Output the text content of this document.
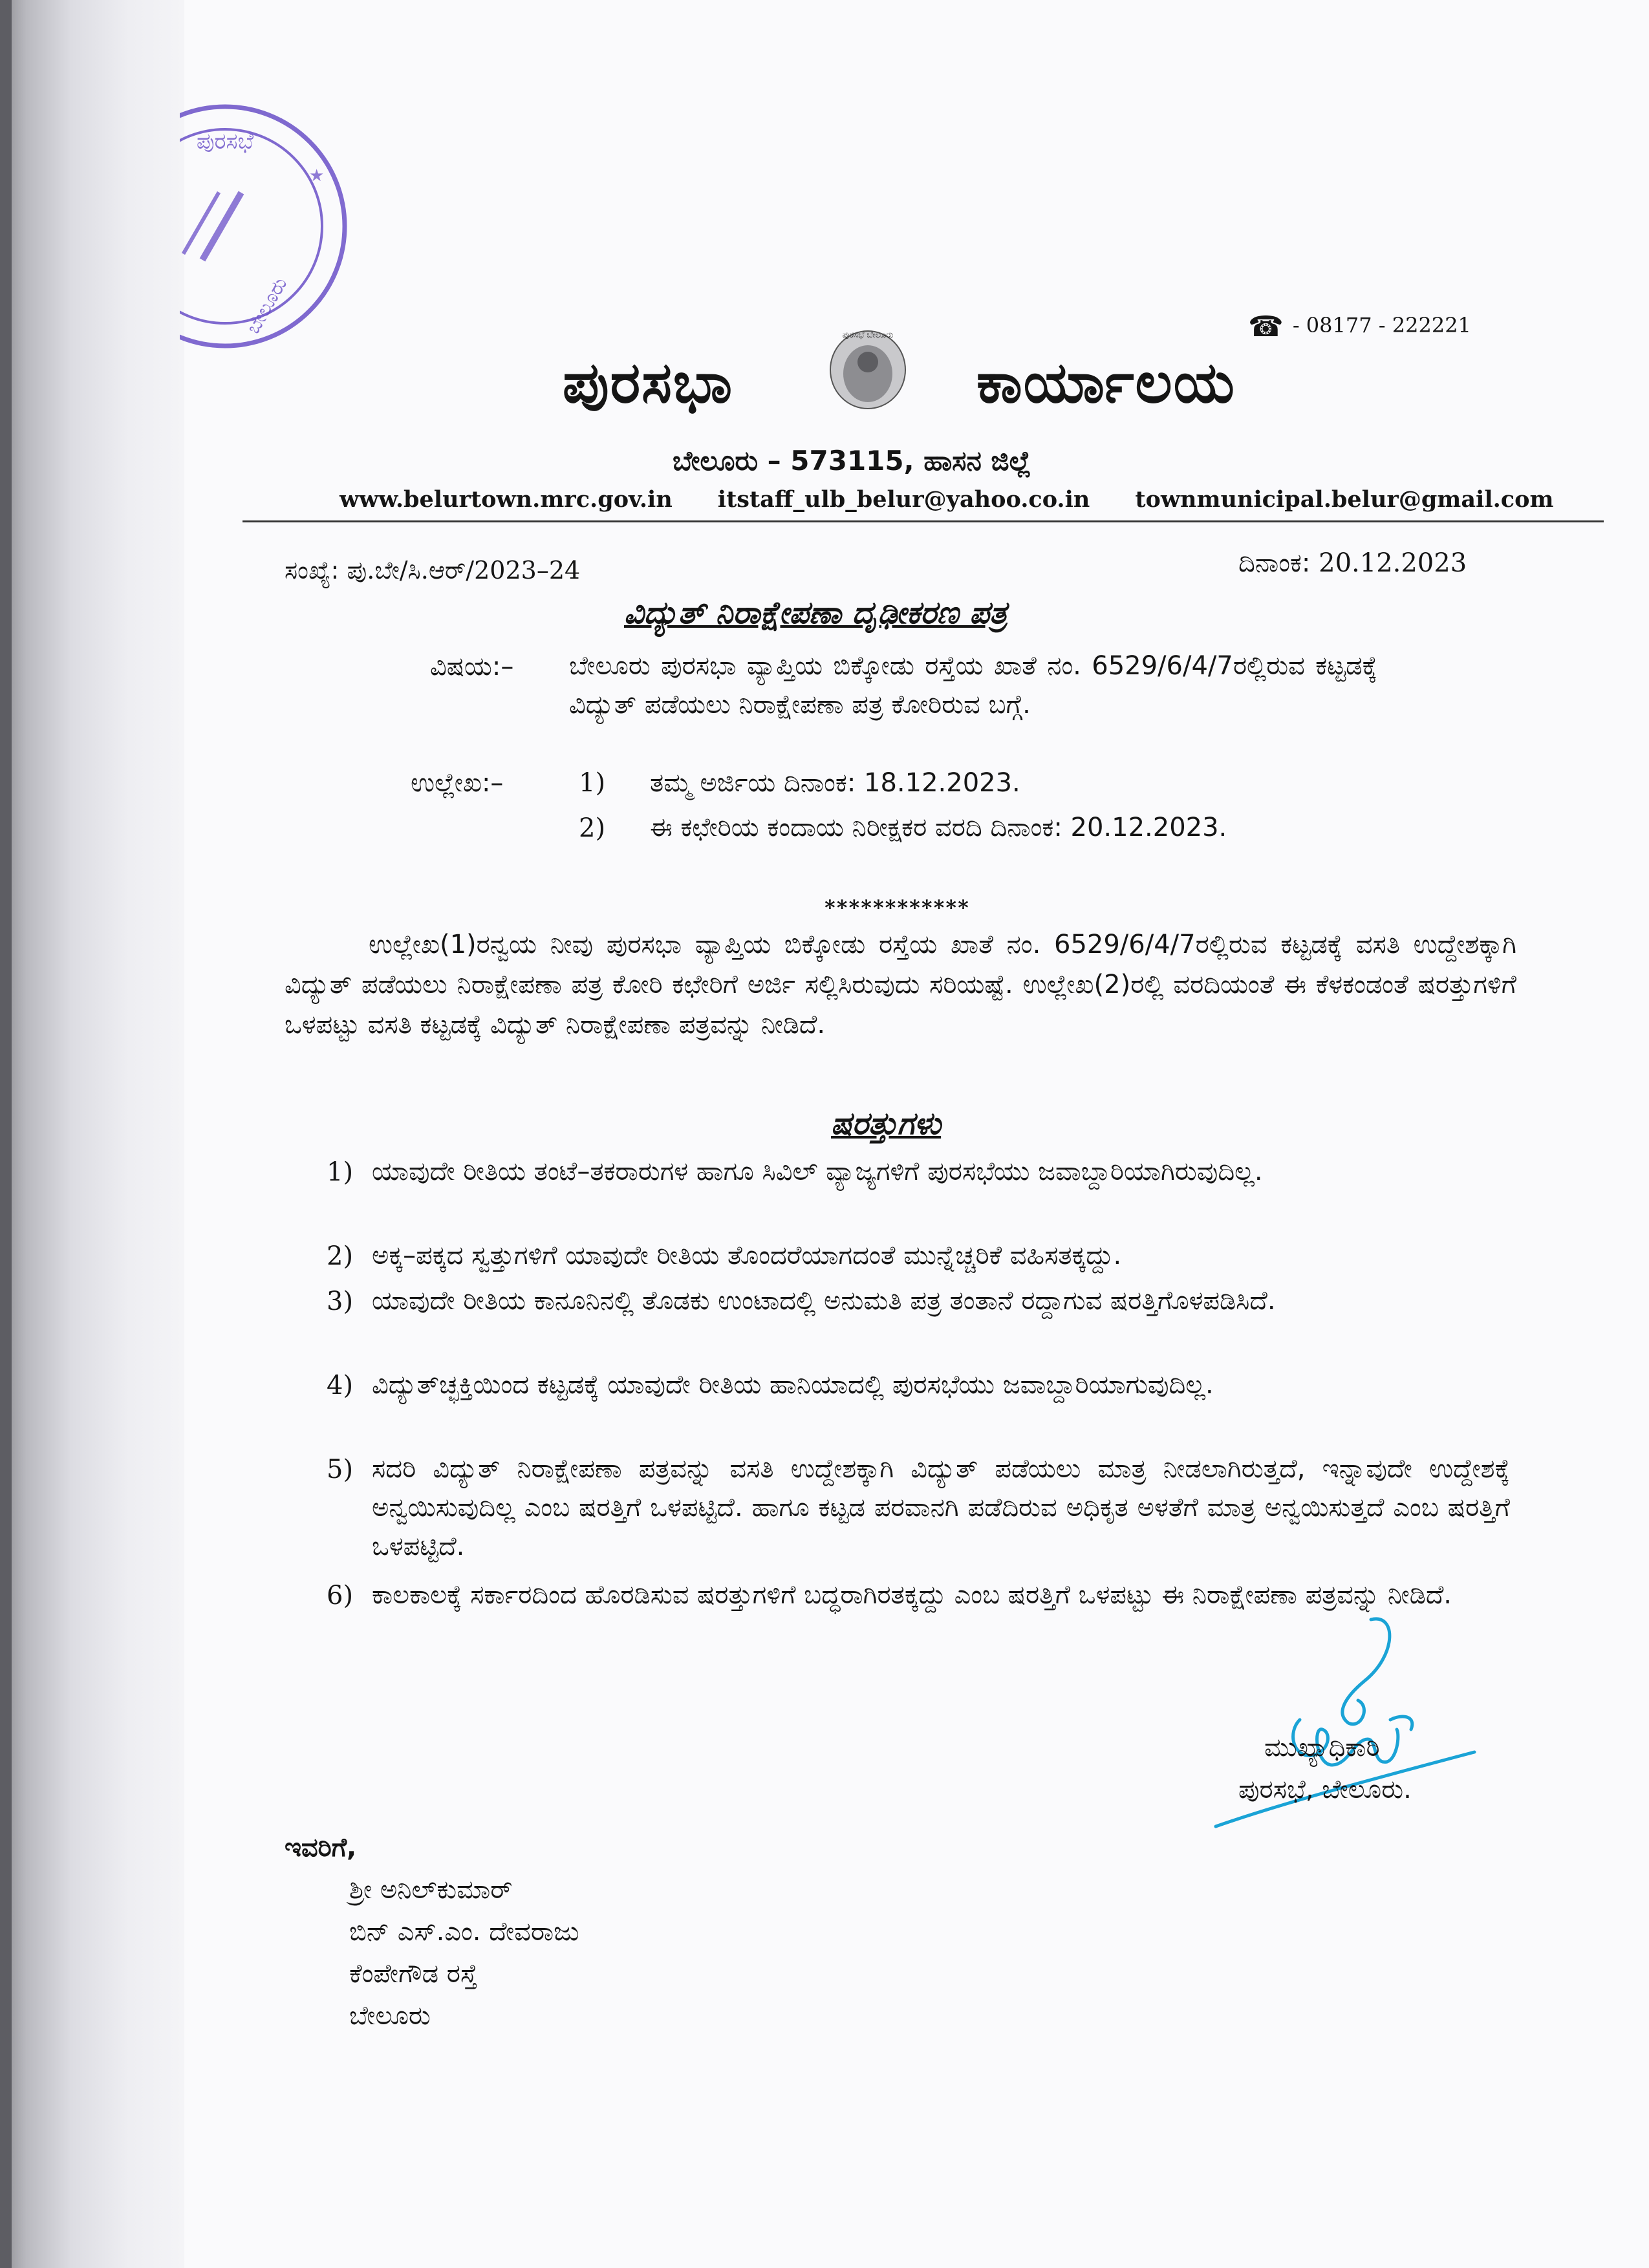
★
ಪುರಸಭೆ
ಬೇಲೂರು	☎ - 08177 - 222221
ಪುರಸಭಾ
ಪುರಸಭೆ ಬೇಲೂರು
ಕಾರ್ಯಾಲಯ
ಬೇಲೂರು – 573115, ಹಾಸನ ಜಿಲ್ಲೆ
www.belurtown.mrc.gov.in itstaff_ulb_belur@yahoo.co.in townmunicipal.belur@gmail.com
ಸಂಖ್ಯೆ: ಪು.ಬೇ/ಸಿ.ಆರ್/2023–24	ದಿನಾಂಕ: 20.12.2023
ವಿದ್ಯುತ್ ನಿರಾಕ್ಷೇಪಣಾ ದೃಢೀಕರಣ ಪತ್ರ
ವಿಷಯ:– ಬೇಲೂರು ಪುರಸಭಾ ವ್ಯಾಪ್ತಿಯ ಬಿಕ್ಕೋಡು ರಸ್ತೆಯ ಖಾತೆ ನಂ. 6529/6/4/7ರಲ್ಲಿರುವ ಕಟ್ಟಡಕ್ಕೆ ವಿದ್ಯುತ್ ಪಡೆಯಲು ನಿರಾಕ್ಷೇಪಣಾ ಪತ್ರ ಕೋರಿರುವ ಬಗ್ಗೆ.
ಉಲ್ಲೇಖ:–	1) ತಮ್ಮ ಅರ್ಜಿಯ ದಿನಾಂಕ: 18.12.2023.
2) ಈ ಕಛೇರಿಯ ಕಂದಾಯ ನಿರೀಕ್ಷಕರ ವರದಿ ದಿನಾಂಕ: 20.12.2023.
************
ಉಲ್ಲೇಖ(1)ರನ್ವಯ ನೀವು ಪುರಸಭಾ ವ್ಯಾಪ್ತಿಯ ಬಿಕ್ಕೋಡು ರಸ್ತೆಯ ಖಾತೆ ನಂ. 6529/6/4/7ರಲ್ಲಿರುವ ಕಟ್ಟಡಕ್ಕೆ ವಸತಿ ಉದ್ದೇಶಕ್ಕಾಗಿ ವಿದ್ಯುತ್ ಪಡೆಯಲು ನಿರಾಕ್ಷೇಪಣಾ ಪತ್ರ ಕೋರಿ ಕಛೇರಿಗೆ ಅರ್ಜಿ ಸಲ್ಲಿಸಿರುವುದು ಸರಿಯಷ್ಟೆ. ಉಲ್ಲೇಖ(2)ರಲ್ಲಿ ವರದಿಯಂತೆ ಈ ಕೆಳಕಂಡಂತೆ ಷರತ್ತುಗಳಿಗೆ ಒಳಪಟ್ಟು ವಸತಿ ಕಟ್ಟಡಕ್ಕೆ ವಿದ್ಯುತ್ ನಿರಾಕ್ಷೇಪಣಾ ಪತ್ರವನ್ನು ನೀಡಿದೆ.
ಷರತ್ತುಗಳು
1) ಯಾವುದೇ ರೀತಿಯ ತಂಟೆ–ತಕರಾರುಗಳ ಹಾಗೂ ಸಿವಿಲ್ ವ್ಯಾಜ್ಯಗಳಿಗೆ ಪುರಸಭೆಯು ಜವಾಬ್ದಾರಿಯಾಗಿರುವುದಿಲ್ಲ.
2) ಅಕ್ಕ–ಪಕ್ಕದ ಸ್ವತ್ತುಗಳಿಗೆ ಯಾವುದೇ ರೀತಿಯ ತೊಂದರೆಯಾಗದಂತೆ ಮುನ್ನೆಚ್ಚರಿಕೆ ವಹಿಸತಕ್ಕದ್ದು.
3) ಯಾವುದೇ ರೀತಿಯ ಕಾನೂನಿನಲ್ಲಿ ತೊಡಕು ಉಂಟಾದಲ್ಲಿ ಅನುಮತಿ ಪತ್ರ ತಂತಾನೆ ರದ್ದಾಗುವ ಷರತ್ತಿಗೊಳಪಡಿಸಿದೆ.
4) ವಿದ್ಯುತ್‌ಚ್ಛಕ್ತಿಯಿಂದ ಕಟ್ಟಡಕ್ಕೆ ಯಾವುದೇ ರೀತಿಯ ಹಾನಿಯಾದಲ್ಲಿ ಪುರಸಭೆಯು ಜವಾಬ್ದಾರಿಯಾಗುವುದಿಲ್ಲ.
5) ಸದರಿ ವಿದ್ಯುತ್ ನಿರಾಕ್ಷೇಪಣಾ ಪತ್ರವನ್ನು ವಸತಿ ಉದ್ದೇಶಕ್ಕಾಗಿ ವಿದ್ಯುತ್ ಪಡೆಯಲು ಮಾತ್ರ ನೀಡಲಾಗಿರುತ್ತದೆ, ಇನ್ನಾವುದೇ ಉದ್ದೇಶಕ್ಕೆ ಅನ್ವಯಿಸುವುದಿಲ್ಲ ಎಂಬ ಷರತ್ತಿಗೆ ಒಳಪಟ್ಟಿದೆ. ಹಾಗೂ ಕಟ್ಟಡ ಪರವಾನಗಿ ಪಡೆದಿರುವ ಅಧಿಕೃತ ಅಳತೆಗೆ ಮಾತ್ರ ಅನ್ವಯಿಸುತ್ತದೆ ಎಂಬ ಷರತ್ತಿಗೆ ಒಳಪಟ್ಟಿದೆ.
6) ಕಾಲಕಾಲಕ್ಕೆ ಸರ್ಕಾರದಿಂದ ಹೊರಡಿಸುವ ಷರತ್ತುಗಳಿಗೆ ಬದ್ಧರಾಗಿರತಕ್ಕದ್ದು ಎಂಬ ಷರತ್ತಿಗೆ ಒಳಪಟ್ಟು ಈ ನಿರಾಕ್ಷೇಪಣಾ ಪತ್ರವನ್ನು ನೀಡಿದೆ.
ಮುಖ್ಯಾಧಿಕಾರಿ
ಪುರಸಭೆ, ಬೇಲೂರು.
ಇವರಿಗೆ,
ಶ್ರೀ ಅನಿಲ್‌ಕುಮಾರ್
ಬಿನ್ ಎಸ್.ಎಂ. ದೇವರಾಜು
ಕೆಂಪೇಗೌಡ ರಸ್ತೆ
ಬೇಲೂರು
